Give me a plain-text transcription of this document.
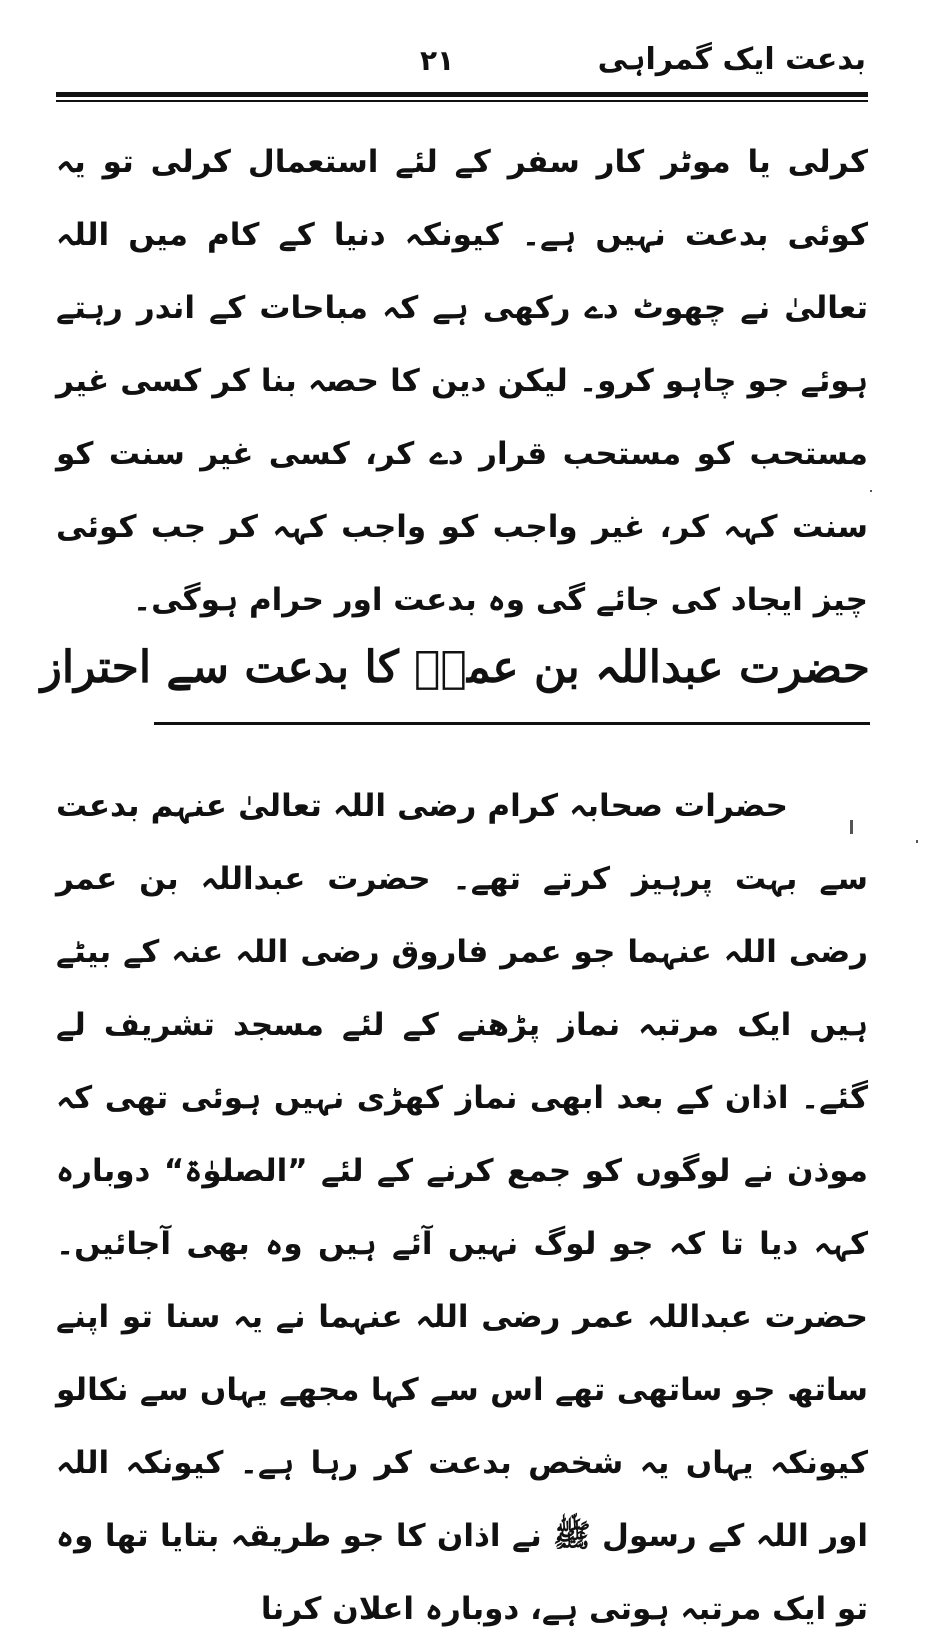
بدعت ایک گمراہی
۲۱

کرلی یا موٹر کار سفر کے لئے استعمال کرلی تو یہ کوئی بدعت نہیں ہے۔ کیونکہ دنیا کے کام میں اللہ تعالیٰ نے چھوٹ دے رکھی ہے کہ مباحات کے اندر رہتے ہوئے جو چاہو کرو۔ لیکن دین کا حصہ بنا کر کسی غیر مستحب کو مستحب قرار دے کر، کسی غیر سنت کو سنت کہہ کر، غیر واجب کو واجب کہہ کر جب کوئی چیز ایجاد کی جائے گی وہ بدعت اور حرام ہوگی۔

حضرت عبداللہ بن عمرؓ کا بدعت سے احتراز

حضرات صحابہ کرام رضی اللہ تعالیٰ عنہم بدعت سے بہت پرہیز کرتے تھے۔ حضرت عبداللہ بن عمر رضی اللہ عنہما جو عمر فاروق رضی اللہ عنہ کے بیٹے ہیں ایک مرتبہ نماز پڑھنے کے لئے مسجد تشریف لے گئے۔ اذان کے بعد ابھی نماز کھڑی نہیں ہوئی تھی کہ موذن نے لوگوں کو جمع کرنے کے لئے ”الصلوٰۃ“ دوبارہ کہہ دیا تا کہ جو لوگ نہیں آئے ہیں وہ بھی آجائیں۔ حضرت عبداللہ عمر رضی اللہ عنہما نے یہ سنا تو اپنے ساتھ جو ساتھی تھے اس سے کہا مجھے یہاں سے نکالو کیونکہ یہاں یہ شخص بدعت کر رہا ہے۔ کیونکہ اللہ اور اللہ کے رسول ﷺ نے اذان کا جو طریقہ بتایا تھا وہ تو ایک مرتبہ ہوتی ہے، دوبارہ اعلان کرنا
